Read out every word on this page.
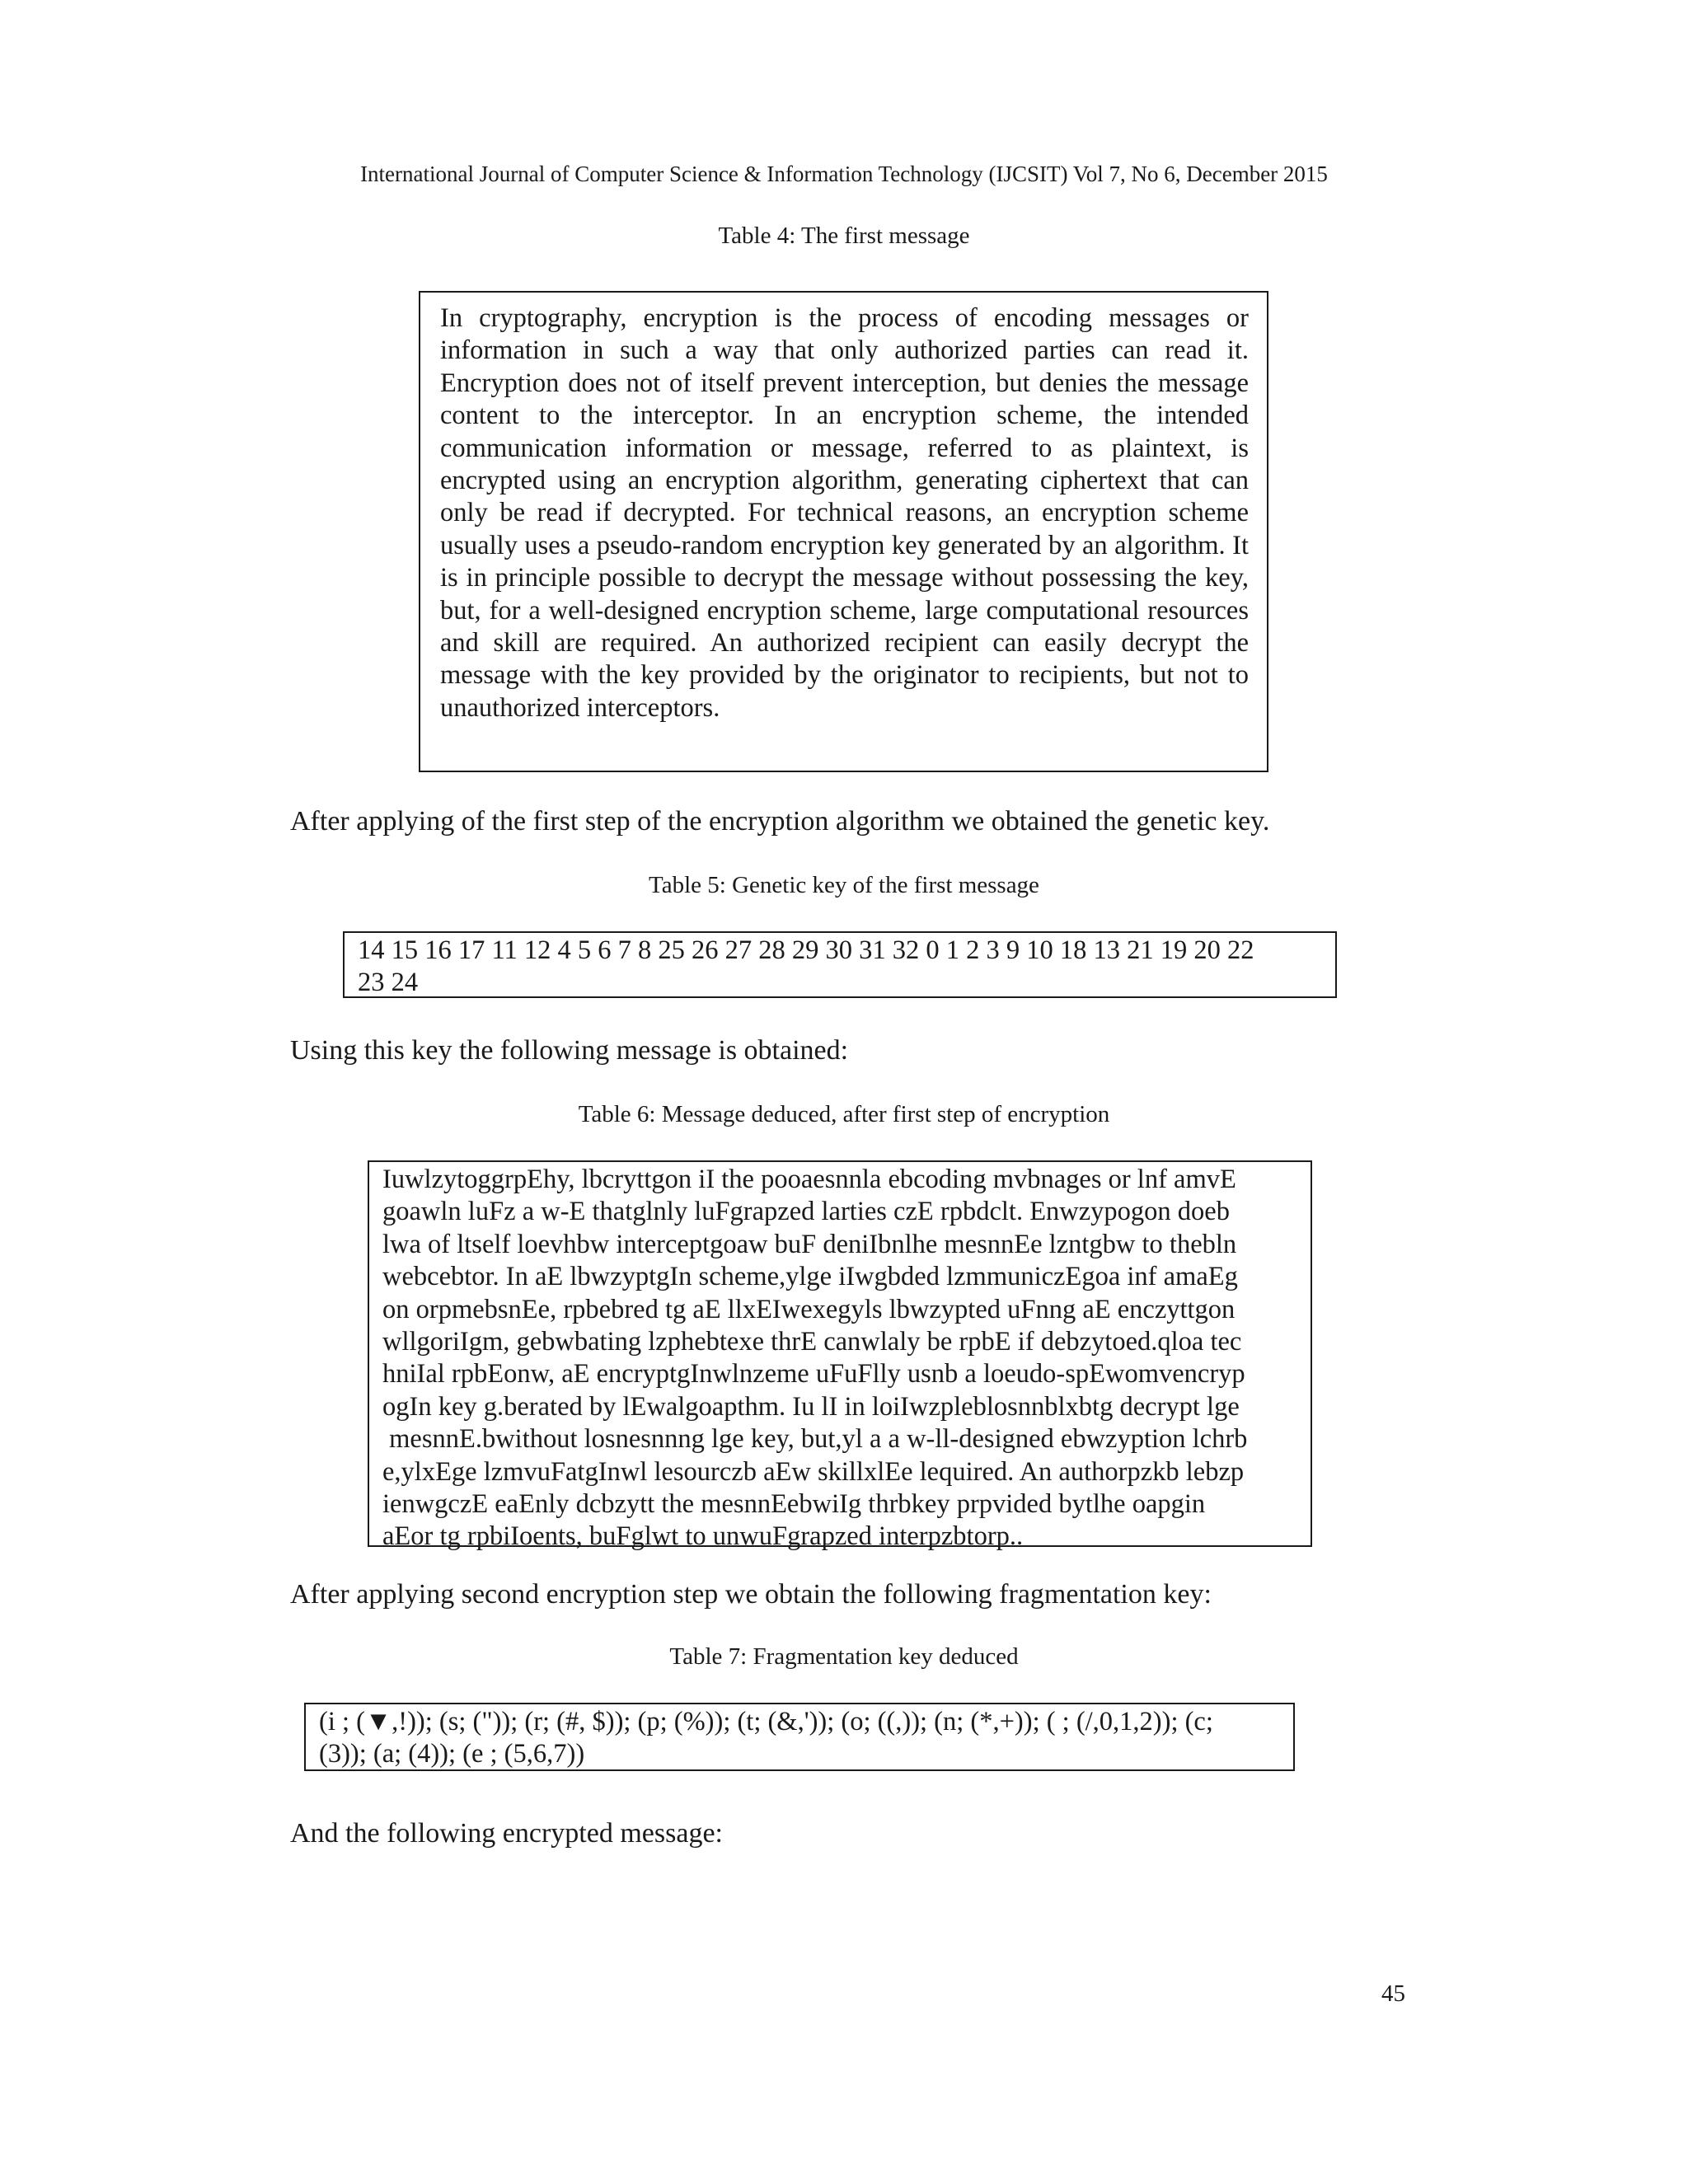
International Journal of Computer Science & Information Technology (IJCSIT) Vol 7, No 6, December 2015
Table 4: The first message
In cryptography, encryption is the process of encoding messages or information in such a way that only authorized parties can read it. Encryption does not of itself prevent interception, but denies the message content to the interceptor. In an encryption scheme, the intended communication information or message, referred to as plaintext, is encrypted using an encryption algorithm, generating ciphertext that can only be read if decrypted. For technical reasons, an encryption scheme usually uses a pseudo-random encryption key generated by an algorithm. It is in principle possible to decrypt the message without possessing the key, but, for a well-designed encryption scheme, large computational resources and skill are required. An authorized recipient can easily decrypt the message with the key provided by the originator to recipients, but not to unauthorized interceptors.
After applying of the first step of the encryption algorithm we obtained the genetic key.
Table 5: Genetic key of the first message
14 15 16 17 11 12 4 5 6 7 8 25 26 27 28 29 30 31 32 0 1 2 3 9 10 18 13 21 19 20 22
23 24
Using this key the following message is obtained:
Table 6: Message deduced, after first step of encryption
IuwlzytoggrpEhy, lbcryttgon iI the pooaesnnla ebcoding mvbnages or lnf amvE
goawln luFz a w-E thatglnly luFgrapzed larties czE rpbdclt. Enwzypogon doeb
lwa of ltself loevhbw interceptgoaw buF deniIbnlhe mesnnEe lzntgbw to thebln
webcebtor. In aE lbwzyptgIn scheme,ylge iIwgbded lzmmuniczEgoa inf amaEg
on orpmebsnEe, rpbebred tg aE llxEIwexegyls lbwzypted uFnng aE enczyttgon
wllgoriIgm, gebwbating lzphebtexe thrE canwlaly be rpbE if debzytoed.qloa tec
hniIal rpbEonw, aE encryptgInwlnzeme uFuFlly usnb a loeudo-spEwomvencryp
ogIn key g.berated by lEwalgoapthm. Iu lI in loiIwzpleblosnnblxbtg decrypt lge
mesnnE.bwithout losnesnnng lge key, but,yl a a w-ll-designed ebwzyption lchrb
e,ylxEge lzmvuFatgInwl lesourczb aEw skillxlEe lequired. An authorpzkb lebzp
ienwgczE eaEnly dcbzytt the mesnnEebwiIg thrbkey prpvided bytlhe oapgin
aEor tg rpbiIoents, buFglwt to unwuFgrapzed interpzbtorp..
After applying second encryption step we obtain the following fragmentation key:
Table 7: Fragmentation key deduced
(i ; (▼,!)); (s; (")); (r; (#, $)); (p; (%)); (t; (&,')); (o; ((,)); (n; (*,+)); ( ; (/,0,1,2)); (c;
(3)); (a; (4)); (e ; (5,6,7))
And the following encrypted message:
45
